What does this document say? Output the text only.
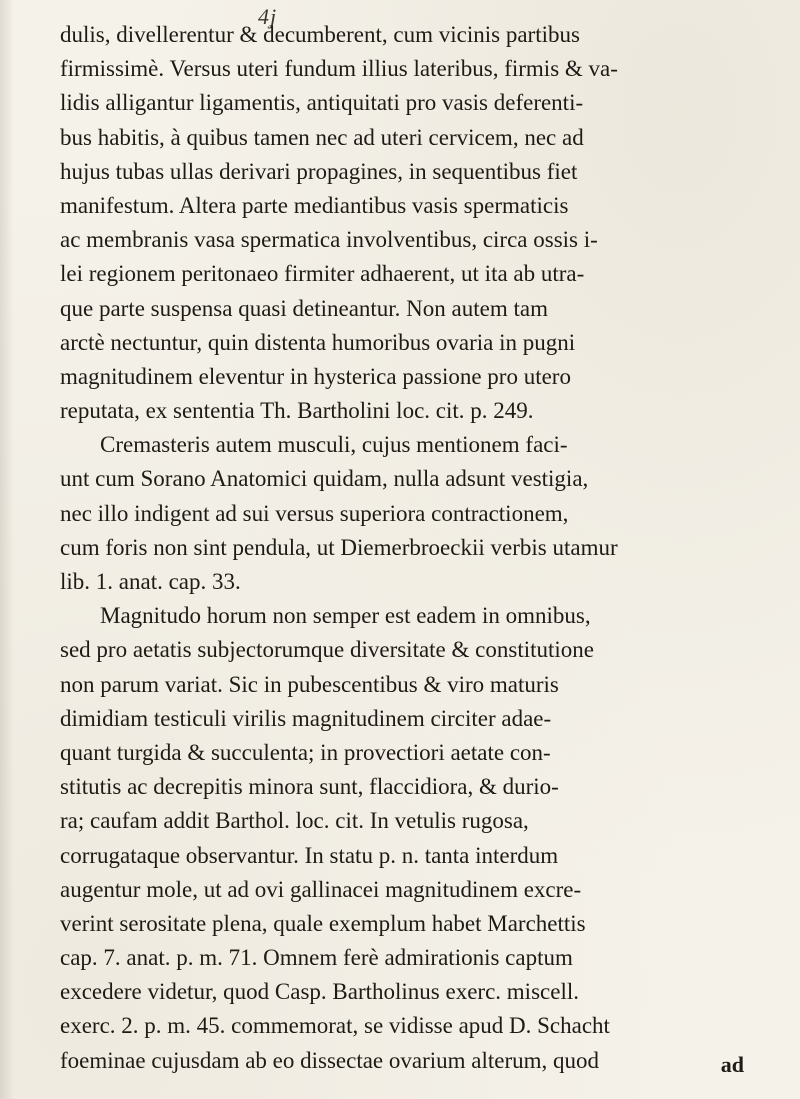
4j
dulis, divellerentur & decumberent, cum vicinis partibus
firmissimè. Versus uteri fundum illius lateribus, firmis & va-
lidis alligantur ligamentis, antiquitati pro vasis deferenti-
bus habitis, à quibus tamen nec ad uteri cervicem, nec ad
hujus tubas ullas derivari propagines, in sequentibus fiet
manifestum. Altera parte mediantibus vasis spermaticis
ac membranis vasa spermatica involventibus, circa ossis i-
lei regionem peritonaeo firmiter adhaerent, ut ita ab utra-
que parte suspensa quasi detineantur. Non autem tam
arctè nectuntur, quin distenta humoribus ovaria in pugni
magnitudinem eleventur in hysterica passione pro utero
reputata, ex sententia Th. Bartholini loc. cit. p. 249.
Cremasteris autem musculi, cujus mentionem faci-
unt cum Sorano Anatomici quidam, nulla adsunt vestigia,
nec illo indigent ad sui versus superiora contractionem,
cum foris non sint pendula, ut Diemerbroeckii verbis utamur
lib. 1. anat. cap. 33.
Magnitudo horum non semper est eadem in omnibus,
sed pro aetatis subjectorumque diversitate & constitutione
non parum variat. Sic in pubescentibus & viro maturis
dimidiam testiculi virilis magnitudinem circiter adae-
quant turgida & succulenta; in provectiori aetate con-
stitutis ac decrepitis minora sunt, flaccidiora, & durio-
ra; caufam addit Barthol. loc. cit. In vetulis rugosa,
corrugataque observantur. In statu p. n. tanta interdum
augentur mole, ut ad ovi gallinacei magnitudinem excre-
verint serositate plena, quale exemplum habet Marchettis
cap. 7. anat. p. m. 71. Omnem ferè admirationis captum
excedere videtur, quod Casp. Bartholinus exerc. miscell.
exerc. 2. p. m. 45. commemorat, se vidisse apud D. Schacht
foeminae cujusdam ab eo dissectae ovarium alterum, quod	ad
